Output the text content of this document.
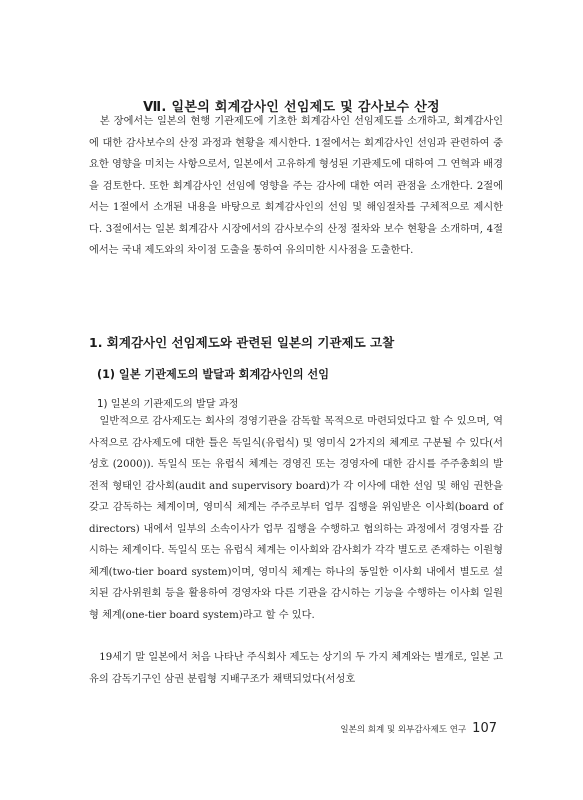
Ⅶ. 일본의 회계감사인 선임제도 및 감사보수 산정

　본 장에서는 일본의 현행 기관제도에 기초한 회계감사인 선임제도를 소개하고, 회계감사인에 대한 감사보수의 산정 과정과 현황을 제시한다. 1절에서는 회계감사인 선임과 관련하여 중요한 영향을 미치는 사항으로서, 일본에서 고유하게 형성된 기관제도에 대하여 그 연혁과 배경을 검토한다. 또한 회계감사인 선임에 영향을 주는 감사에 대한 여러 관점을 소개한다. 2절에서는 1절에서 소개된 내용을 바탕으로 회계감사인의 선임 및 해임절차를 구체적으로 제시한다. 3절에서는 일본 회계감사 시장에서의 감사보수의 산정 절차와 보수 현황을 소개하며, 4절에서는 국내 제도와의 차이점 도출을 통하여 유의미한 시사점을 도출한다.

1. 회계감사인 선임제도와 관련된 일본의 기관제도 고찰
(1) 일본 기관제도의 발달과 회계감사인의 선임
1) 일본의 기관제도의 발달 과정

　일반적으로 감사제도는 회사의 경영기관을 감독할 목적으로 마련되었다고 할 수 있으며, 역사적으로 감사제도에 대한 틀은 독일식(유럽식) 및 영미식 2가지의 체계로 구분될 수 있다(서성호 (2000)). 독일식 또는 유럽식 체계는 경영진 또는 경영자에 대한 감시를 주주총회의 발전적 형태인 감사회(audit and supervisory board)가 각 이사에 대한 선임 및 해임 권한을 갖고 감독하는 체계이며, 영미식 체계는 주주로부터 업무 집행을 위임받은 이사회(board of directors) 내에서 일부의 소속이사가 업무 집행을 수행하고 협의하는 과정에서 경영자를 감시하는 체계이다. 독일식 또는 유럽식 체계는 이사회와 감사회가 각각 별도로 존재하는 이원형 체계(two-tier board system)이며, 영미식 체계는 하나의 동일한 이사회 내에서 별도로 설치된 감사위원회 등을 활용하여 경영자와 다른 기관을 감시하는 기능을 수행하는 이사회 일원형 체계(one-tier board system)라고 할 수 있다.

　19세기 말 일본에서 처음 나타난 주식회사 제도는 상기의 두 가지 체계와는 별개로, 일본 고유의 감독기구인 삼권 분립형 지배구조가 채택되었다(서성호

일본의 회계 및 외부감사제도 연구 107
